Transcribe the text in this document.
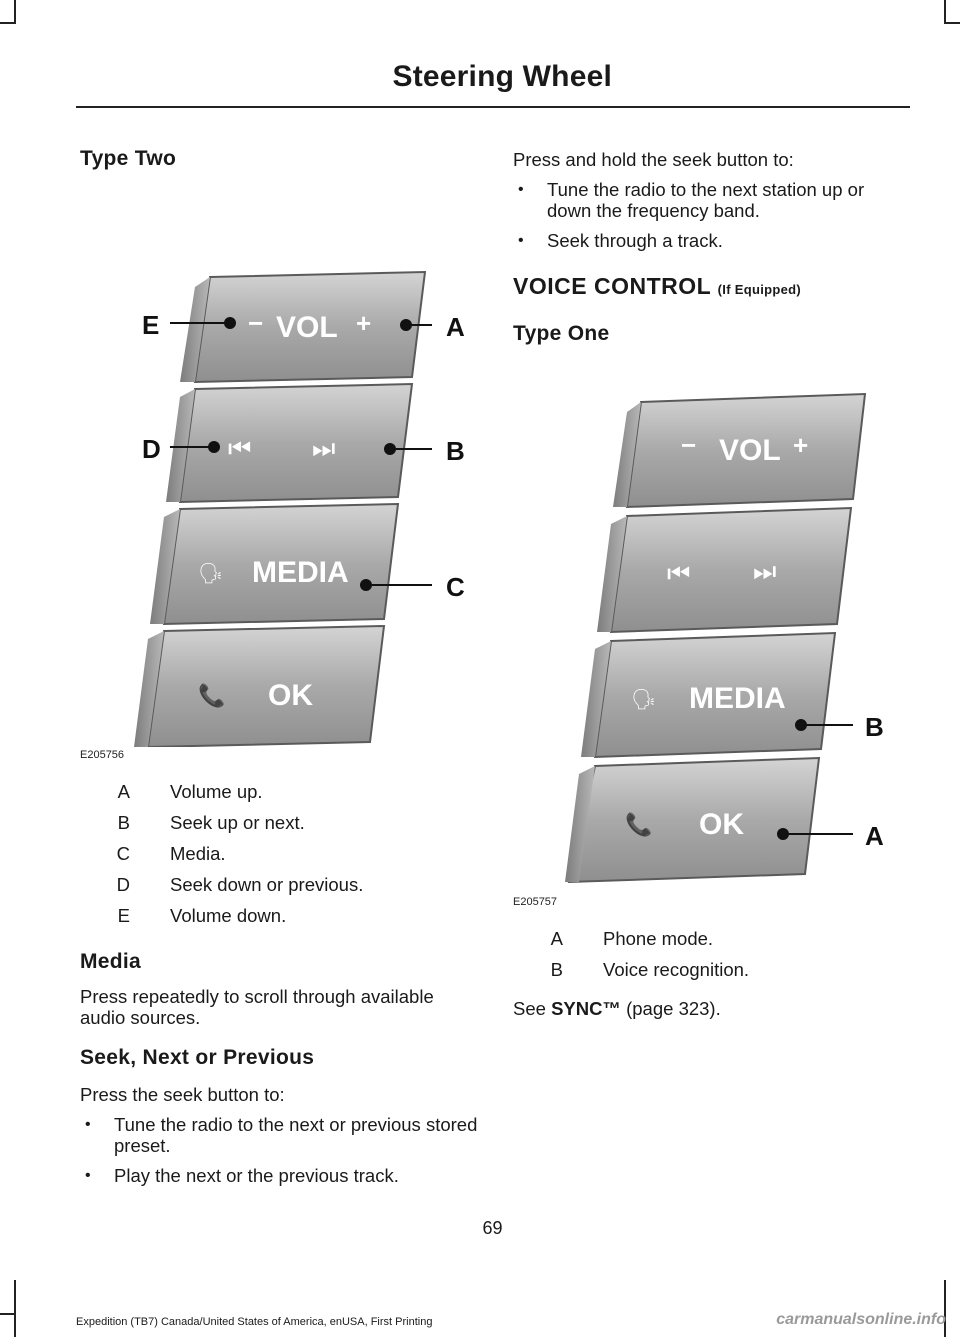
Steering Wheel
Type Two
− VOL +
⏮ ⏭
🗣 MEDIA
📞 OK
E	A
D	B
C
E205756
A	Volume up.
B	Seek up or next.
C	Media.
D	Seek down or previous.
E	Volume down.
Media

Press repeatedly to scroll through available audio sources.

Seek, Next or Previous

Press the seek button to:

• Tune the radio to the next or previous stored preset.
• Play the next or the previous track.

Press and hold the seek button to:

• Tune the radio to the next station up or down the frequency band.
• Seek through a track.
VOICE CONTROL (If Equipped)
Type One
− VOL +
⏮ ⏭
🗣 MEDIA
📞 OK
B
A
E205757
A	Phone mode.
B	Voice recognition.

See SYNC™ (page 323).

69
Expedition (TB7) Canada/United States of America, enUSA, First Printing	carmanualsonline.info
